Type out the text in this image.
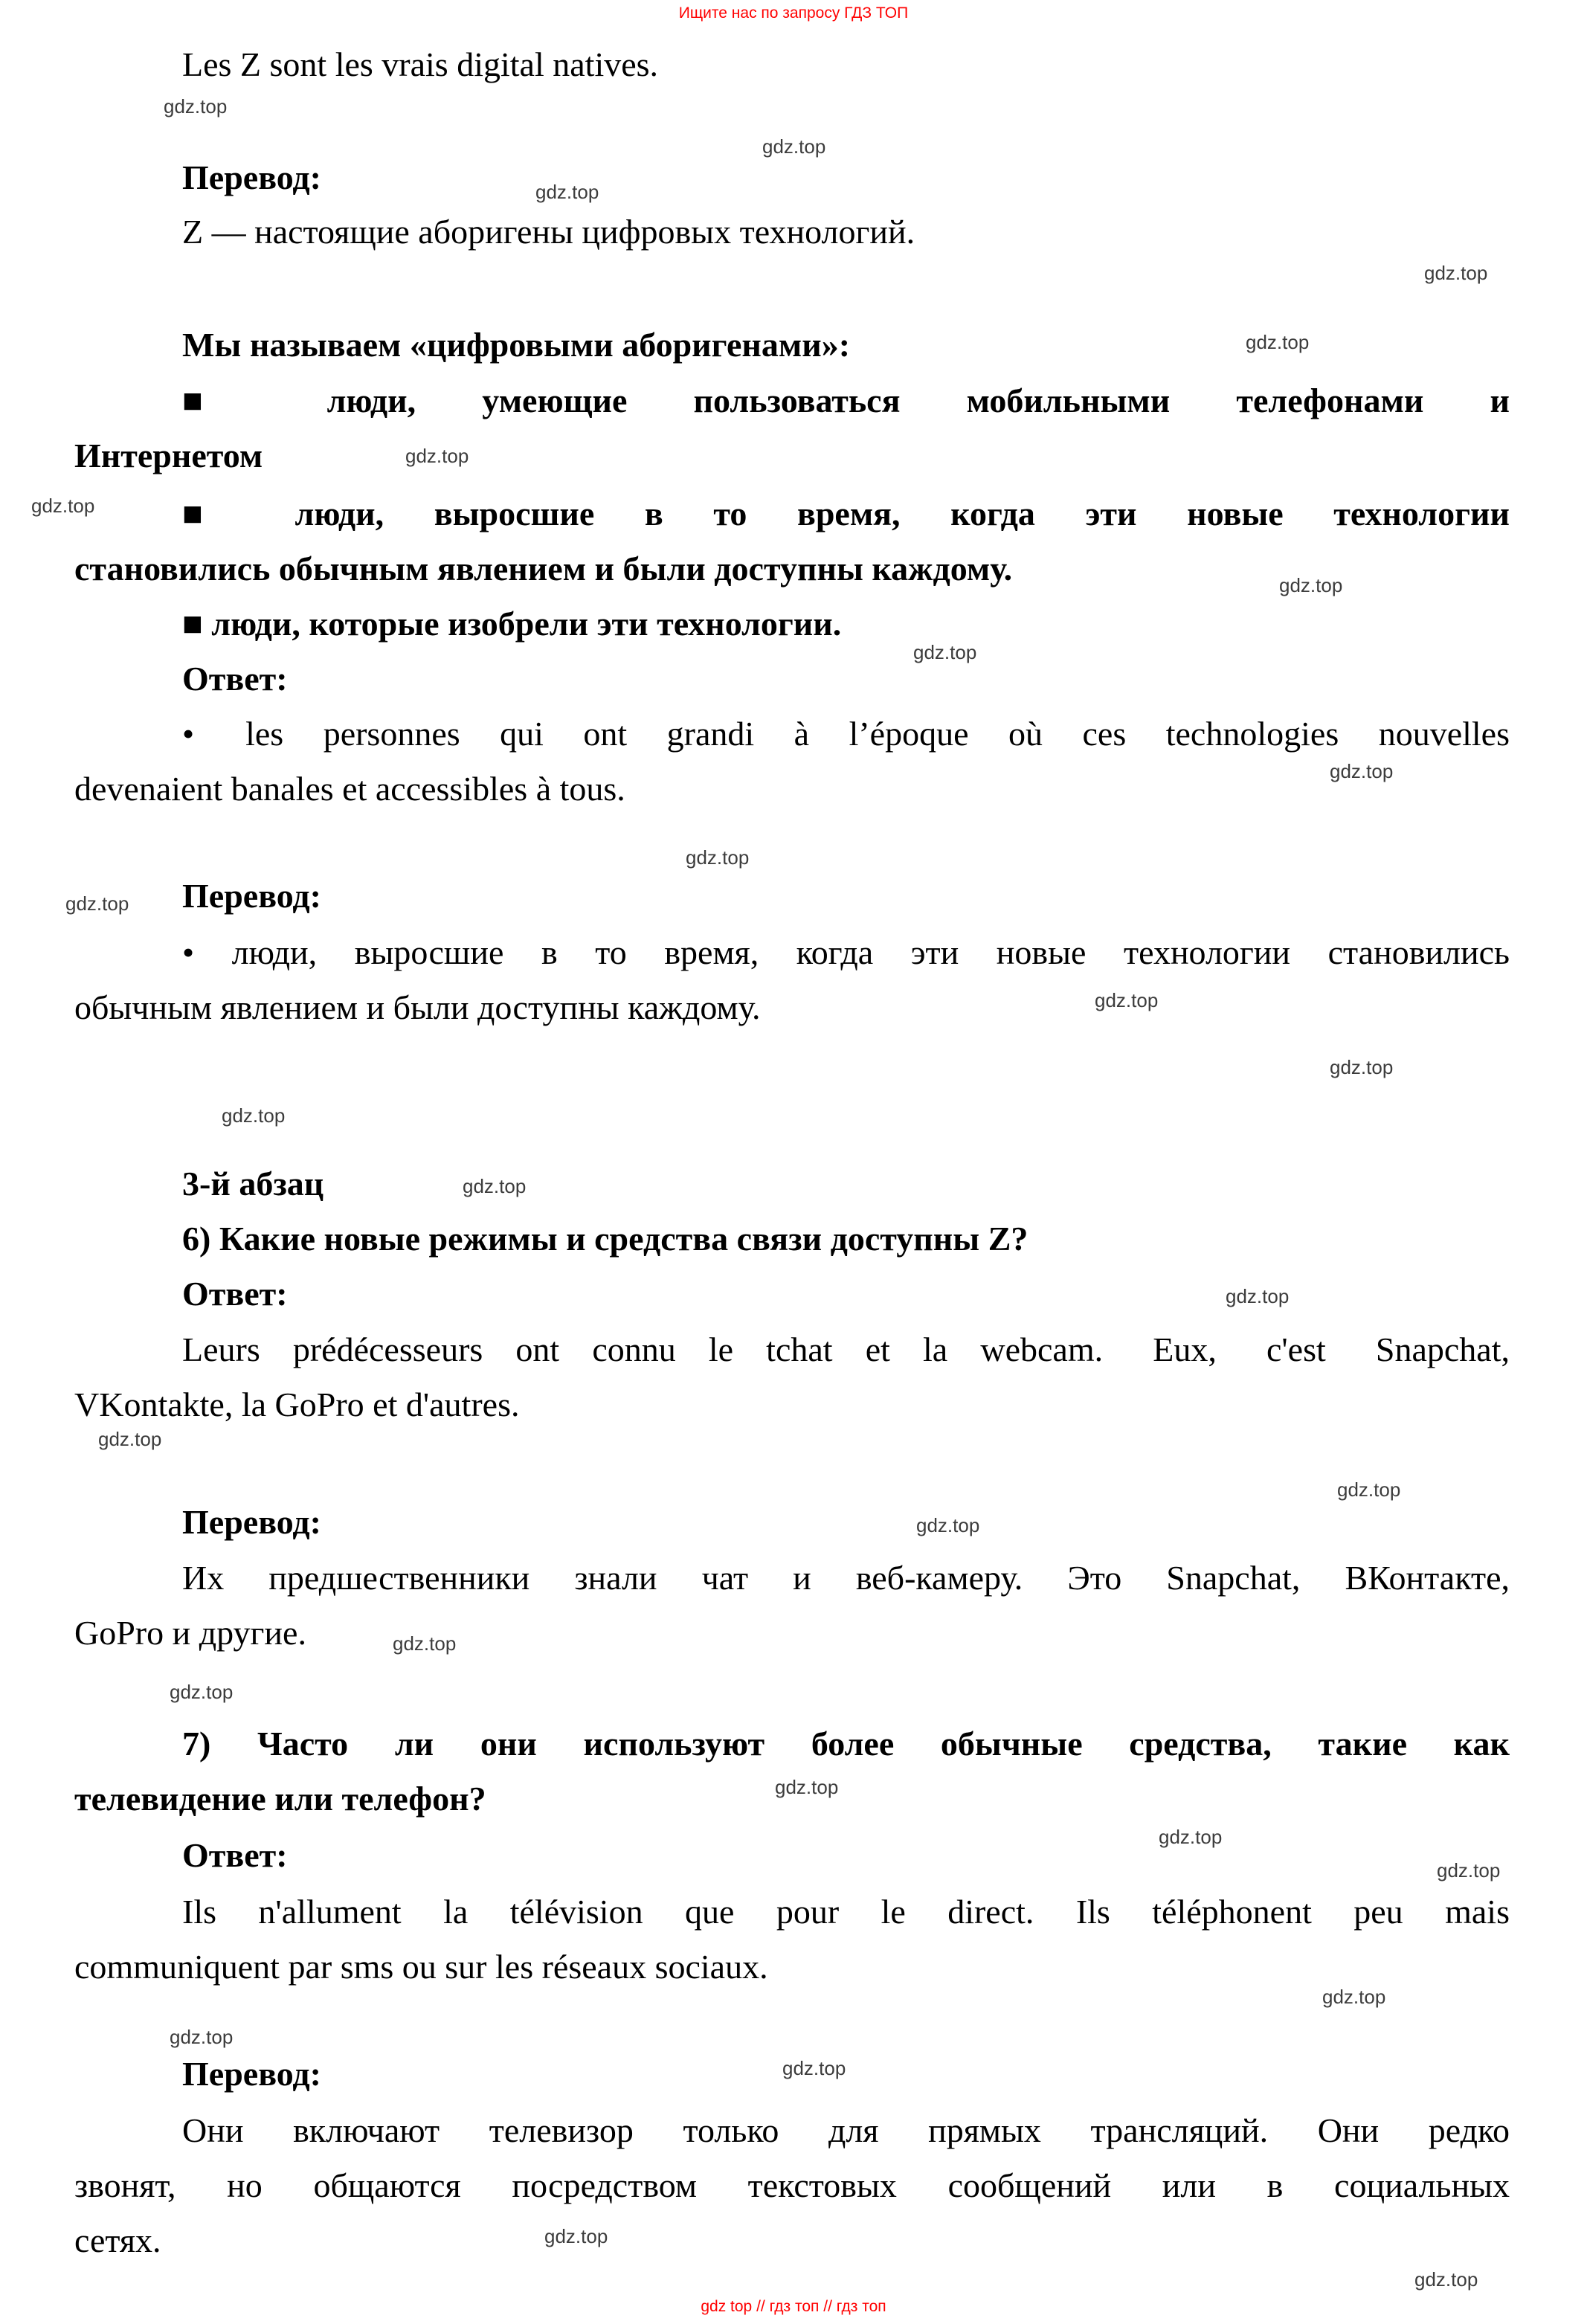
Ищите нас по запросу ГДЗ ТОП
Les Z sont les vrais digital natives.
Перевод:
Z — настоящие аборигены цифровых технологий.
Мы называем «цифровыми аборигенами»:
■ люди, умеющие пользоваться мобильными телефонами и
Интернетом
■ люди, выросшие в то время, когда эти новые технологии
становились обычным явлением и были доступны каждому.
■ люди, которые изобрели эти технологии.
Ответ:
•  les personnes qui ont grandi à l’époque où ces technologies nouvelles
devenaient banales et accessibles à tous.
Перевод:
• люди, выросшие в то время, когда эти новые технологии становились
обычным явлением и были доступны каждому.
3-й абзац
6) Какие новые режимы и средства связи доступны Z?
Ответ:
Leurs prédécesseurs ont connu le tchat et la webcam.  Eux,  c'est  Snapchat,
VKontakte, la GoPro et d'autres.
Перевод:
Их предшественники знали чат и веб-камеру. Это Snapchat, ВКонтакте,
GoPro и другие.
7) Часто ли они используют более обычные средства, такие как
телевидение или телефон?
Ответ:
Ils n'allument la télévision que pour le direct. Ils téléphonent peu mais
communiquent par sms ou sur les réseaux sociaux.
Перевод:
Они включают телевизор только для прямых трансляций. Они редко
звонят, но общаются посредством текстовых сообщений или в социальных
сетях.
gdz.top
gdz.top
gdz.top
gdz.top
gdz.top
gdz.top
gdz.top
gdz.top
gdz.top
gdz.top
gdz.top
gdz.top
gdz.top
gdz.top
gdz.top
gdz.top
gdz.top
gdz.top
gdz.top
gdz.top
gdz.top
gdz.top
gdz.top
gdz.top
gdz.top
gdz.top
gdz.top
gdz.top
gdz.top
gdz.top
gdz top // гдз топ // гдз топ
